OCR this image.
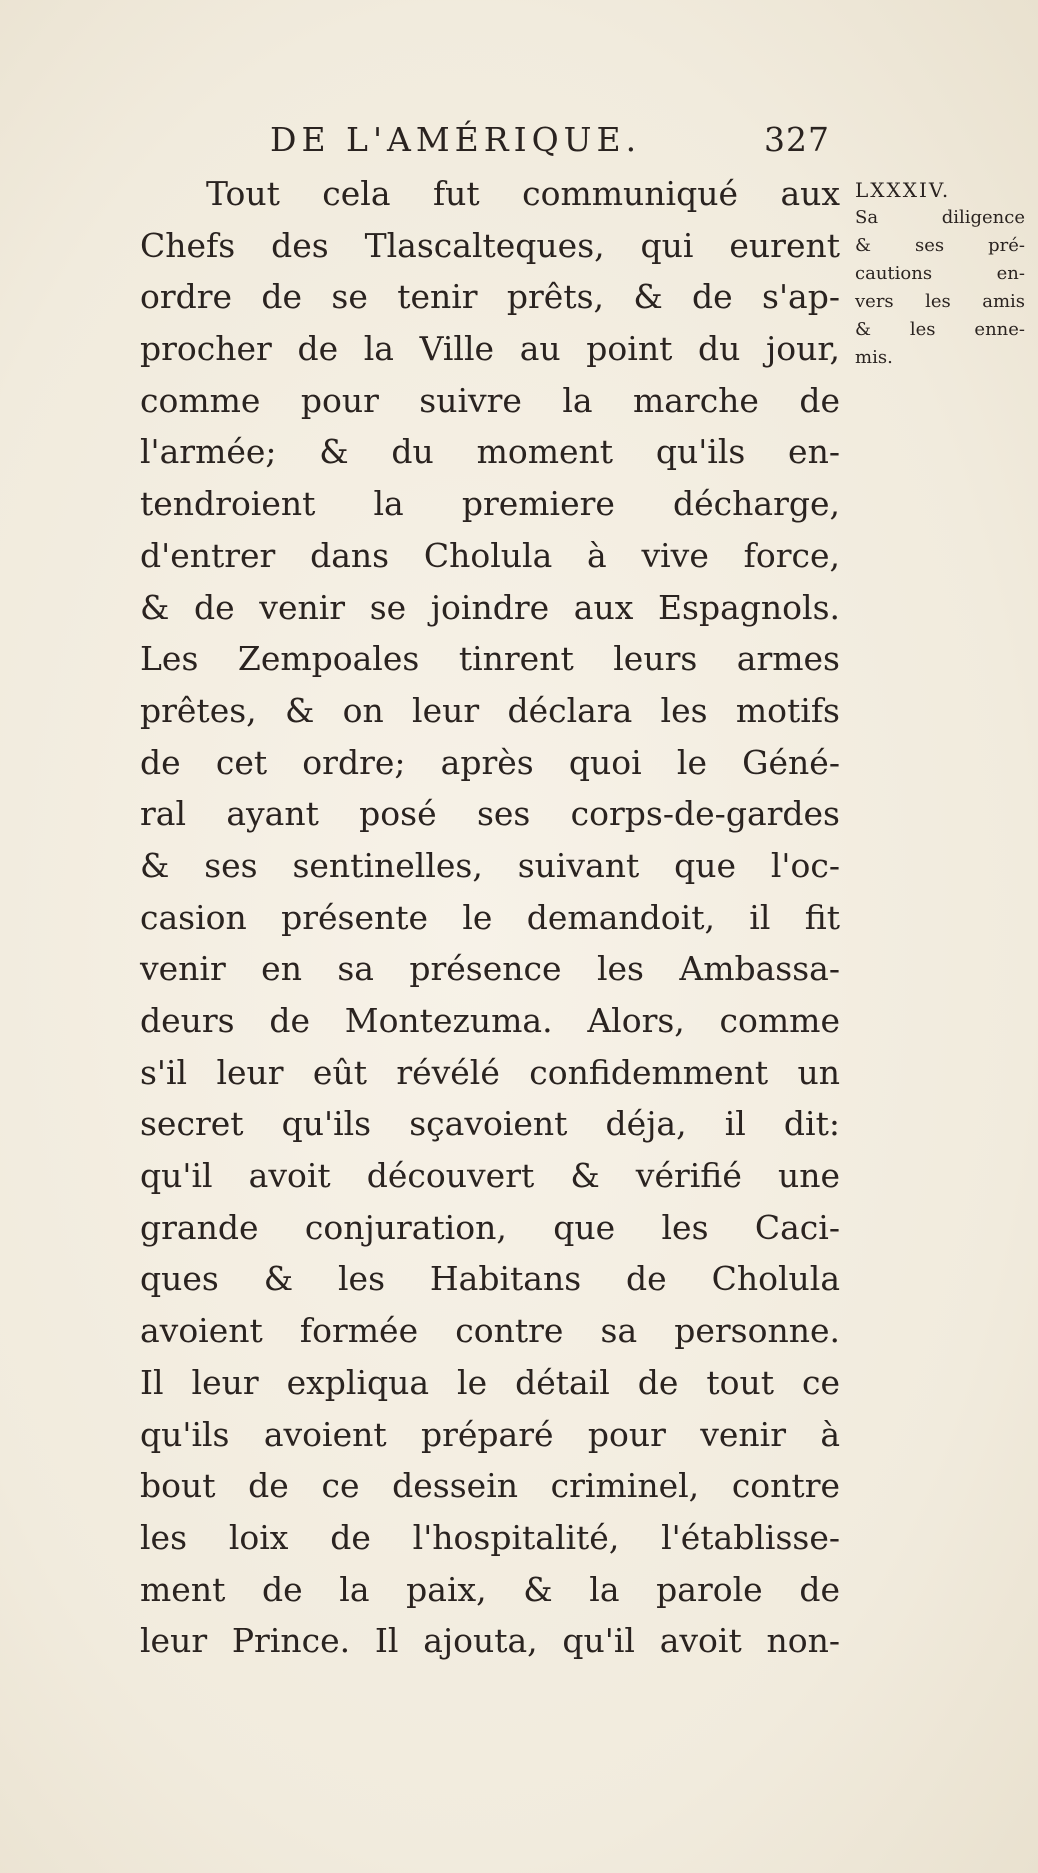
DE L'AMÉRIQUE.	327
Tout cela fut communiqué aux
Chefs des Tlascalteques, qui eurent
ordre de se tenir prêts, & de s'ap-
procher de la Ville au point du jour,
comme pour suivre la marche de
l'armée; & du moment qu'ils en-
tendroient la premiere décharge,
d'entrer dans Cholula à vive force,
& de venir se joindre aux Espagnols.
Les Zempoales tinrent leurs armes
prêtes, & on leur déclara les motifs
de cet ordre; après quoi le Géné-
ral ayant posé ses corps-de-gardes
& ses sentinelles, suivant que l'oc-
casion présente le demandoit, il fit
venir en sa présence les Ambassa-
deurs de Montezuma. Alors, comme
s'il leur eût révélé confidemment un
secret qu'ils sçavoient déja, il dit:
qu'il avoit découvert & vérifié une
grande conjuration, que les Caci-
ques & les Habitans de Cholula
avoient formée contre sa personne.
Il leur expliqua le détail de tout ce
qu'ils avoient préparé pour venir à
bout de ce dessein criminel, contre
les loix de l'hospitalité, l'établisse-
ment de la paix, & la parole de
leur Prince. Il ajouta, qu'il avoit non-
LXXXIV.
Sa diligence
& ses pré-
cautions en-
vers les amis
& les enne-
mis.
